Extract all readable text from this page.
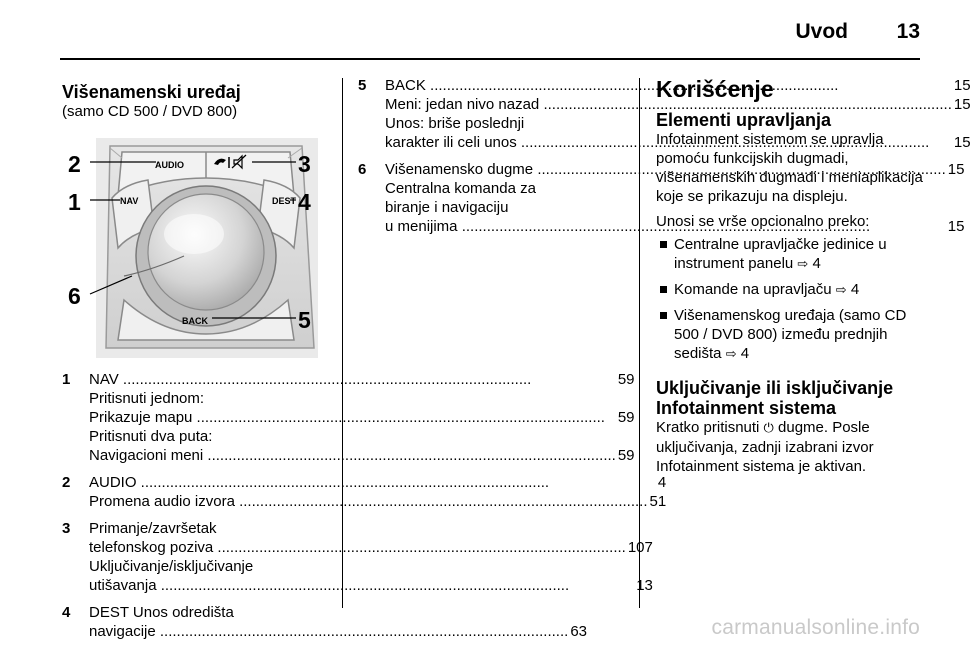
Uvod 13
Višenamenski uređaj
(samo CD 500 / DVD 800)
AUDIO
NAV	DEST
BACK
2
1
6
3
4
5
1	NAV .....	59
Pritisnuti jednom:
Prikazuje mapu .....	59
Pritisnuti dva puta:
Navigacioni meni .....	59
2	AUDIO .....	4
Promena audio izvora .....	51
3	Primanje/završetak
telefonskog poziva .....	107
Uključivanje/isključivanje
utišavanja .....	13
4	DEST Unos odredišta
navigacije .....	63
5	BACK .....	15
Meni: jedan nivo nazad .....	15
Unos: briše poslednji
karakter ili celi unos .....	15
6	Višenamensko dugme .....	15
Centralna komanda za
biranje i navigaciju
u menijima .....	15
Korišćenje
Elementi upravljanja
Infotainment sistemom se upravlja pomoću funkcijskih dugmadi, višenamenskih dugmadi i meniaplikacija koje se prikazuju na displeju.
Unosi se vrše opcionalno preko:
Centralne upravljačke jedinice u instrument panelu ⇨ 4
Komande na upravljaču ⇨ 4
Višenamenskog uređaja (samo CD 500 / DVD 800) između prednjih sedišta ⇨ 4
Uključivanje ili isključivanje
Infotainment sistema
Kratko pritisnuti ⏻ dugme. Posle uključivanja, zadnji izabrani izvor Infotainment sistema je aktivan.
carmanualsonline.info
